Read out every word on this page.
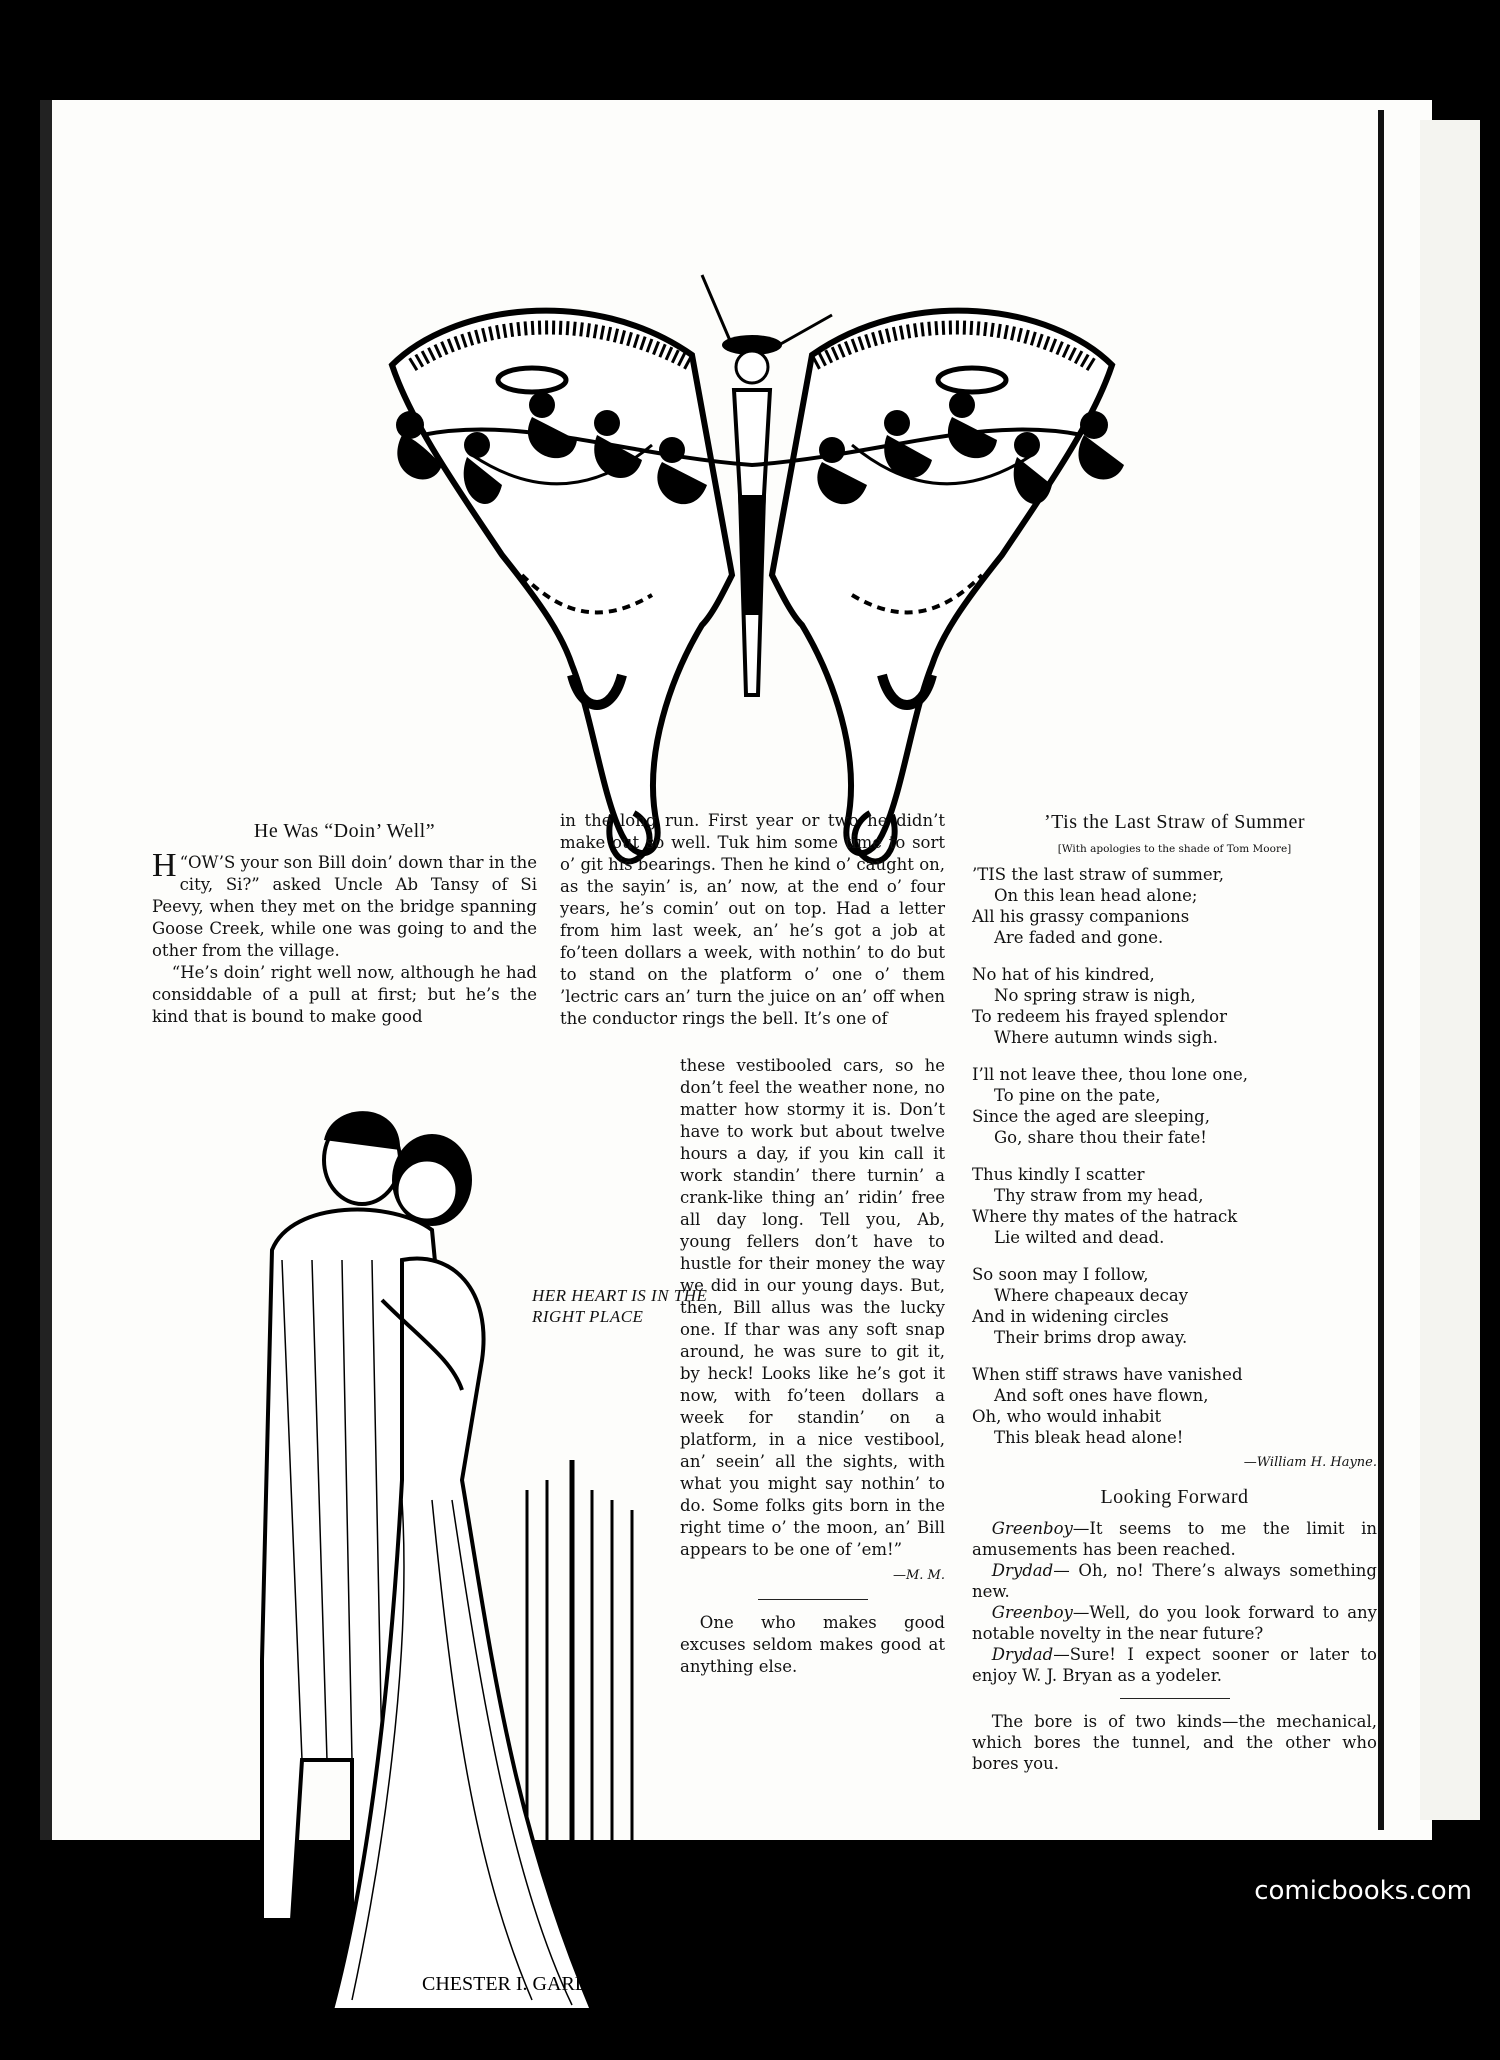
He Was “Doin’ Well”

“
H OW’S your son Bill doin’ down thar in the city, Si?” asked Uncle Ab Tansy of Si Peevy, when they met on the bridge spanning Goose Creek, while one was going to and the other from the village.

“He’s doin’ right well now, although he had considdable of a pull at first; but he’s the kind that is bound to make good

in the long run. First year or two he didn’t make out so well. Tuk him some time to sort o’ git his bearings. Then he kind o’ caught on, as the sayin’ is, an’ now, at the end o’ four years, he’s comin’ out on top. Had a letter from him last week, an’ he’s got a job at fo’teen dollars a week, with nothin’ to do but to stand on the platform o’ one o’ them ’lectric cars an’ turn the juice on an’ off when the conductor rings the bell. It’s one of

these vestibooled cars, so he don’t feel the weather none, no matter how stormy it is. Don’t have to work but about twelve hours a day, if you kin call it work standin’ there turnin’ a crank-like thing an’ ridin’ free all day long. Tell you, Ab, young fellers don’t have to hustle for their money the way we did in our young days. But, then, Bill allus was the lucky one. If thar was any soft snap around, he was sure to git it, by heck! Looks like he’s got it now, with fo’teen dollars a week for standin’ on a platform, in a nice vestibool, an’ seein’ all the sights, with what you might say nothin’ to do. Some folks gits born in the right time o’ the moon, an’ Bill appears to be one of ’em!”

—M. M.

One who makes good excuses seldom makes good at anything else.

CHESTER I. GARDE
HER HEART IS IN THE RIGHT PLACE
’Tis the Last Straw of Summer
[With apologies to the shade of Tom Moore]
’TIS the last straw of summer,
On this lean head alone;
All his grassy companions
Are faded and gone.
No hat of his kindred,
No spring straw is nigh,
To redeem his frayed splendor
Where autumn winds sigh.
I’ll not leave thee, thou lone one,
To pine on the pate,
Since the aged are sleeping,
Go, share thou their fate!
Thus kindly I scatter
Thy straw from my head,
Where thy mates of the hatrack
Lie wilted and dead.
So soon may I follow,
Where chapeaux decay
And in widening circles
Their brims drop away.
When stiff straws have vanished
And soft ones have flown,
Oh, who would inhabit
This bleak head alone!
—William H. Hayne.
Looking Forward

Greenboy—It seems to me the limit in amusements has been reached.

Drydad— Oh, no! There’s always something new.

Greenboy—Well, do you look forward to any notable novelty in the near future?

Drydad—Sure! I expect sooner or later to enjoy W. J. Bryan as a yodeler.

The bore is of two kinds—the mechanical, which bores the tunnel, and the other who bores you.

comicbooks.com
